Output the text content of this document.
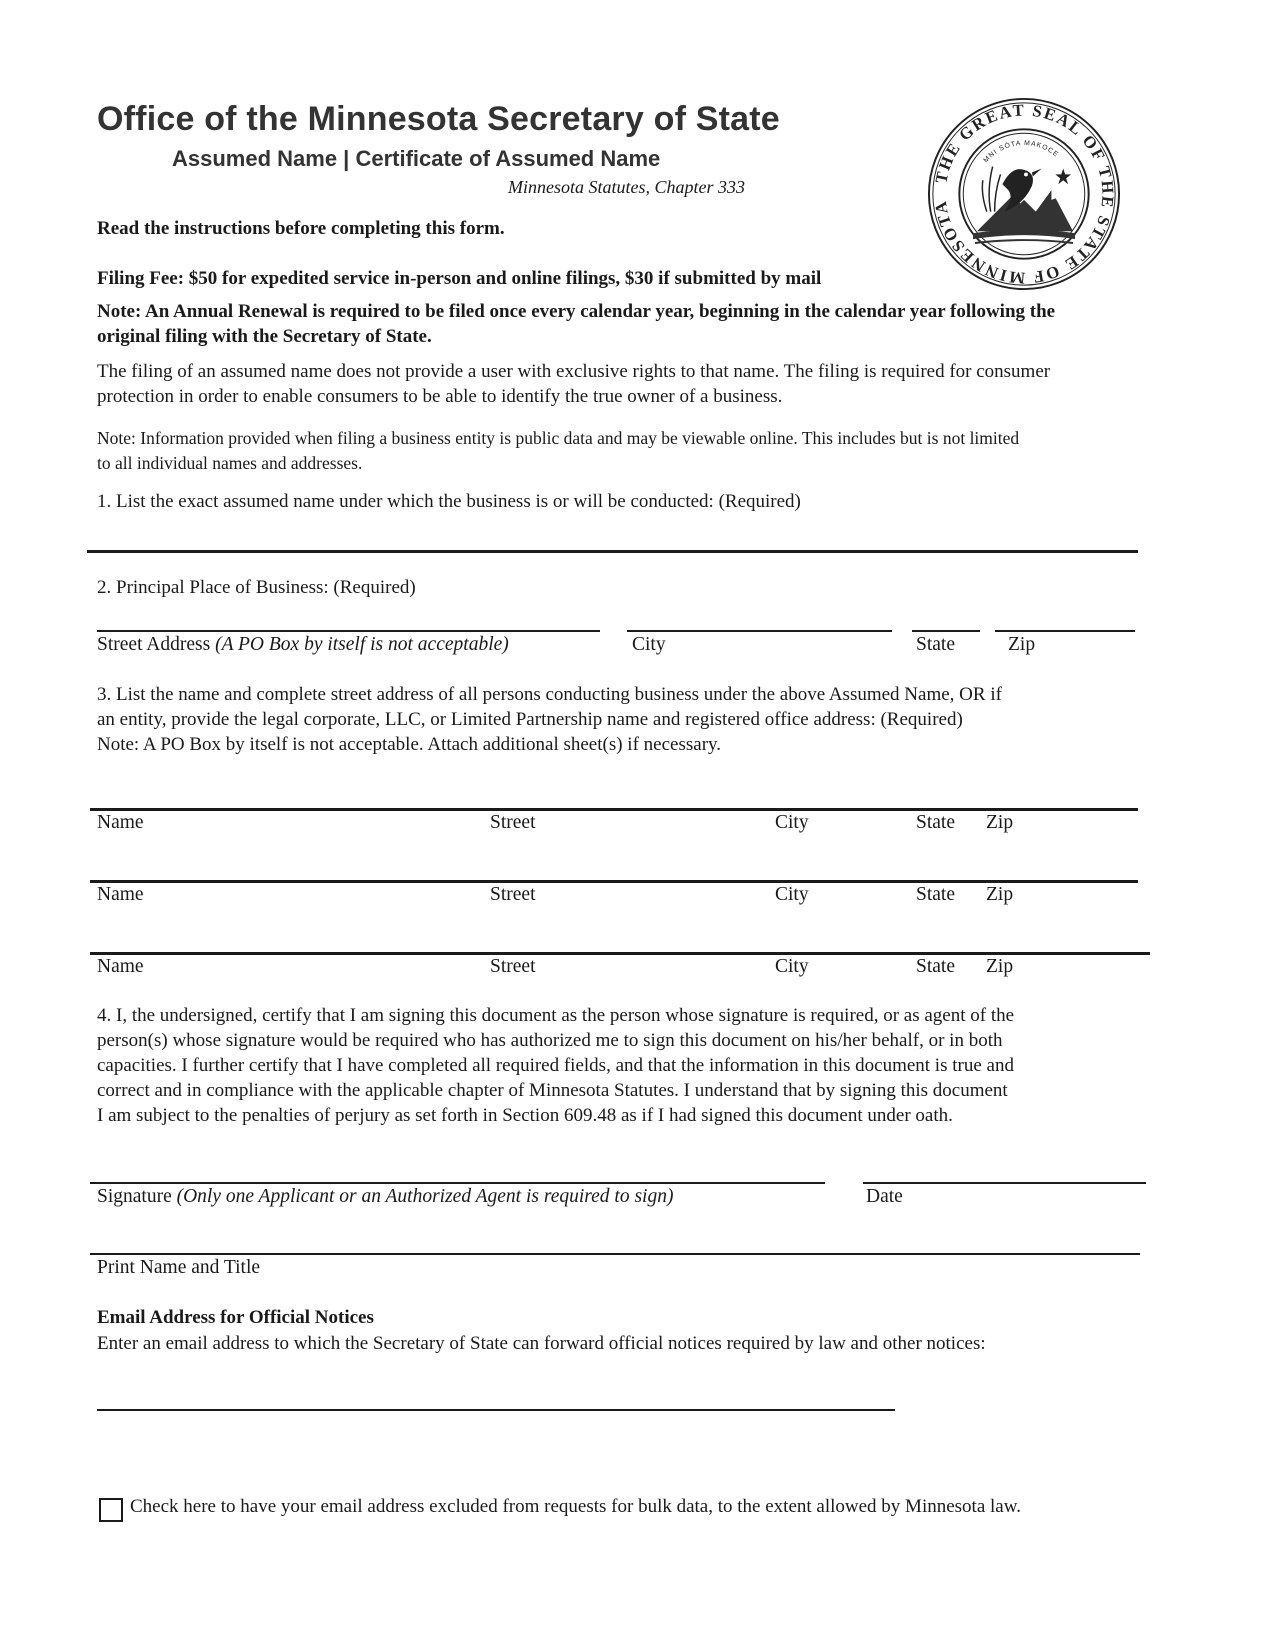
Office of the Minnesota Secretary of State
Assumed Name | Certificate of Assumed Name
Minnesota Statutes, Chapter 333
THE GREAT SEAL OF THE STATE OF MINNESOTA
MNI SÓTA MAKOCE
Read the instructions before completing this form.
Filing Fee: $50 for expedited service in-person and online filings, $30 if submitted by mail
Note: An Annual Renewal is required to be filed once every calendar year, beginning in the calendar year following the
original filing with the Secretary of State.
The filing of an assumed name does not provide a user with exclusive rights to that name. The filing is required for consumer
protection in order to enable consumers to be able to identify the true owner of a business.
Note: Information provided when filing a business entity is public data and may be viewable online. This includes but is not limited
to all individual names and addresses.
1. List the exact assumed name under which the business is or will be conducted: (Required)
2. Principal Place of Business: (Required)
Street Address (A PO Box by itself is not acceptable)	City	State	Zip
3. List the name and complete street address of all persons conducting business under the above Assumed Name, OR if
an entity, provide the legal corporate, LLC, or Limited Partnership name and registered office address: (Required)
Note: A PO Box by itself is not acceptable. Attach additional sheet(s) if necessary.
Name	Street	City	State Zip
Name	Street	City	State Zip
Name	Street	City	State Zip
4. I, the undersigned, certify that I am signing this document as the person whose signature is required, or as agent of the
person(s) whose signature would be required who has authorized me to sign this document on his/her behalf, or in both
capacities. I further certify that I have completed all required fields, and that the information in this document is true and
correct and in compliance with the applicable chapter of Minnesota Statutes. I understand that by signing this document
I am subject to the penalties of perjury as set forth in Section 609.48 as if I had signed this document under oath.
Signature (Only one Applicant or an Authorized Agent is required to sign)	Date
Print Name and Title
Email Address for Official Notices
Enter an email address to which the Secretary of State can forward official notices required by law and other notices:
Check here to have your email address excluded from requests for bulk data, to the extent allowed by Minnesota law.
